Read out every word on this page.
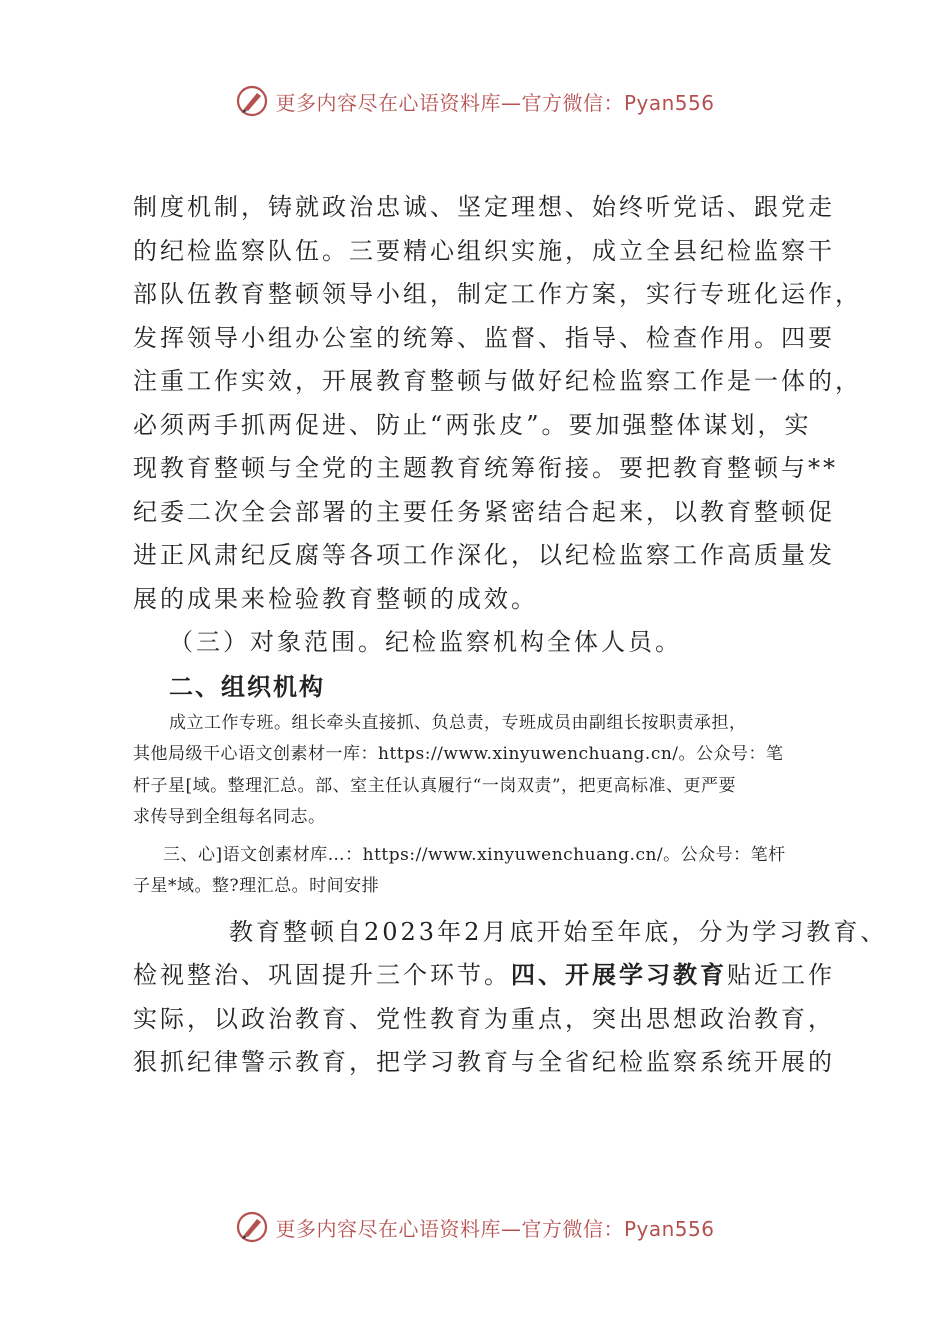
更多内容尽在心语资料库—官方微信：Pyan556

制度机制，铸就政治忠诚、坚定理想、始终听党话、跟党走
的纪检监察队伍。三要精心组织实施，成立全县纪检监察干
部队伍教育整顿领导小组，制定工作方案，实行专班化运作，
发挥领导小组办公室的统筹、监督、指导、检查作用。四要
注重工作实效，开展教育整顿与做好纪检监察工作是一体的，
必须两手抓两促进、防止“两张皮”。要加强整体谋划，实
现教育整顿与全党的主题教育统筹衔接。要把教育整顿与**
纪委二次全会部署的主要任务紧密结合起来，以教育整顿促
进正风肃纪反腐等各项工作深化，以纪检监察工作高质量发
展的成果来检验教育整顿的成效。

（三）对象范围。纪检监察机构全体人员。

二、组织机构

成立工作专班。组长牵头直接抓、负总责，专班成员由副组长按职责承担，
其他局级干心语文创素材一库：https://www.xinyuwenchuang.cn/。公众号：笔
杆子星[域。整理汇总。部、室主任认真履行“一岗双责”，把更高标准、更严要
求传导到全组每名同志。

三、心]语文创素材库…：https://www.xinyuwenchuang.cn/。公众号：笔杆
子星*域。整?理汇总。时间安排

教育整顿自2023年2月底开始至年底，分为学习教育、
检视整治、巩固提升三个环节。四、开展学习教育贴近工作
实际，以政治教育、党性教育为重点，突出思想政治教育，
狠抓纪律警示教育，把学习教育与全省纪检监察系统开展的

更多内容尽在心语资料库—官方微信：Pyan556
